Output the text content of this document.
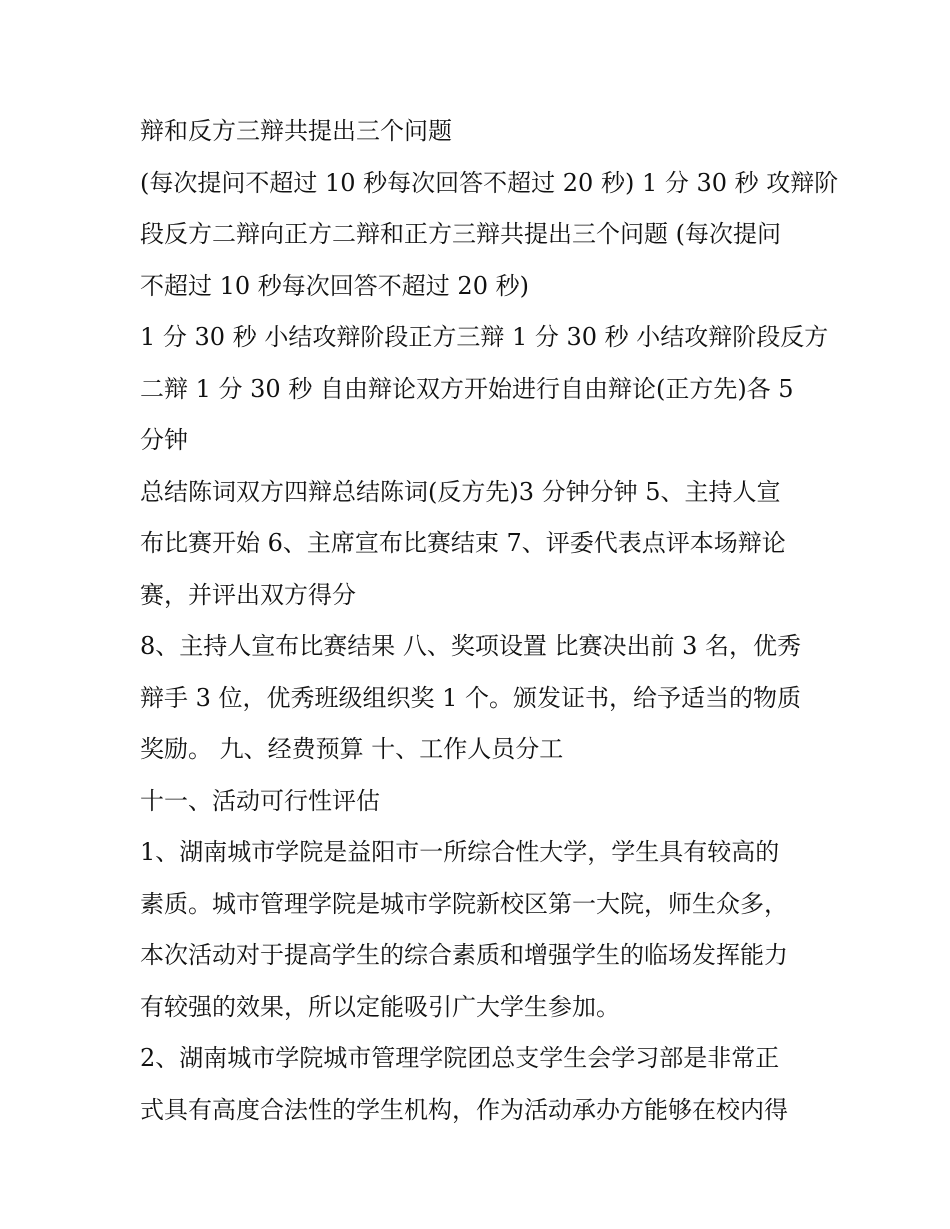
辩和反方三辩共提出三个问题
(每次提问不超过 10 秒每次回答不超过 20 秒) 1 分 30 秒 攻辩阶
段反方二辩向正方二辩和正方三辩共提出三个问题 (每次提问
不超过 10 秒每次回答不超过 20 秒)
1 分 30 秒 小结攻辩阶段正方三辩 1 分 30 秒 小结攻辩阶段反方
二辩 1 分 30 秒 自由辩论双方开始进行自由辩论(正方先)各 5
分钟
总结陈词双方四辩总结陈词(反方先)3 分钟分钟 5、主持人宣
布比赛开始 6、主席宣布比赛结束 7、评委代表点评本场辩论
赛，并评出双方得分
8、主持人宣布比赛结果 八、奖项设置 比赛决出前 3 名，优秀
辩手 3 位，优秀班级组织奖 1 个。颁发证书，给予适当的物质
奖励。 九、经费预算 十、工作人员分工
十一、活动可行性评估
1、湖南城市学院是益阳市一所综合性大学，学生具有较高的
素质。城市管理学院是城市学院新校区第一大院，师生众多，
本次活动对于提高学生的综合素质和增强学生的临场发挥能力
有较强的效果，所以定能吸引广大学生参加。
2、湖南城市学院城市管理学院团总支学生会学习部是非常正
式具有高度合法性的学生机构，作为活动承办方能够在校内得
